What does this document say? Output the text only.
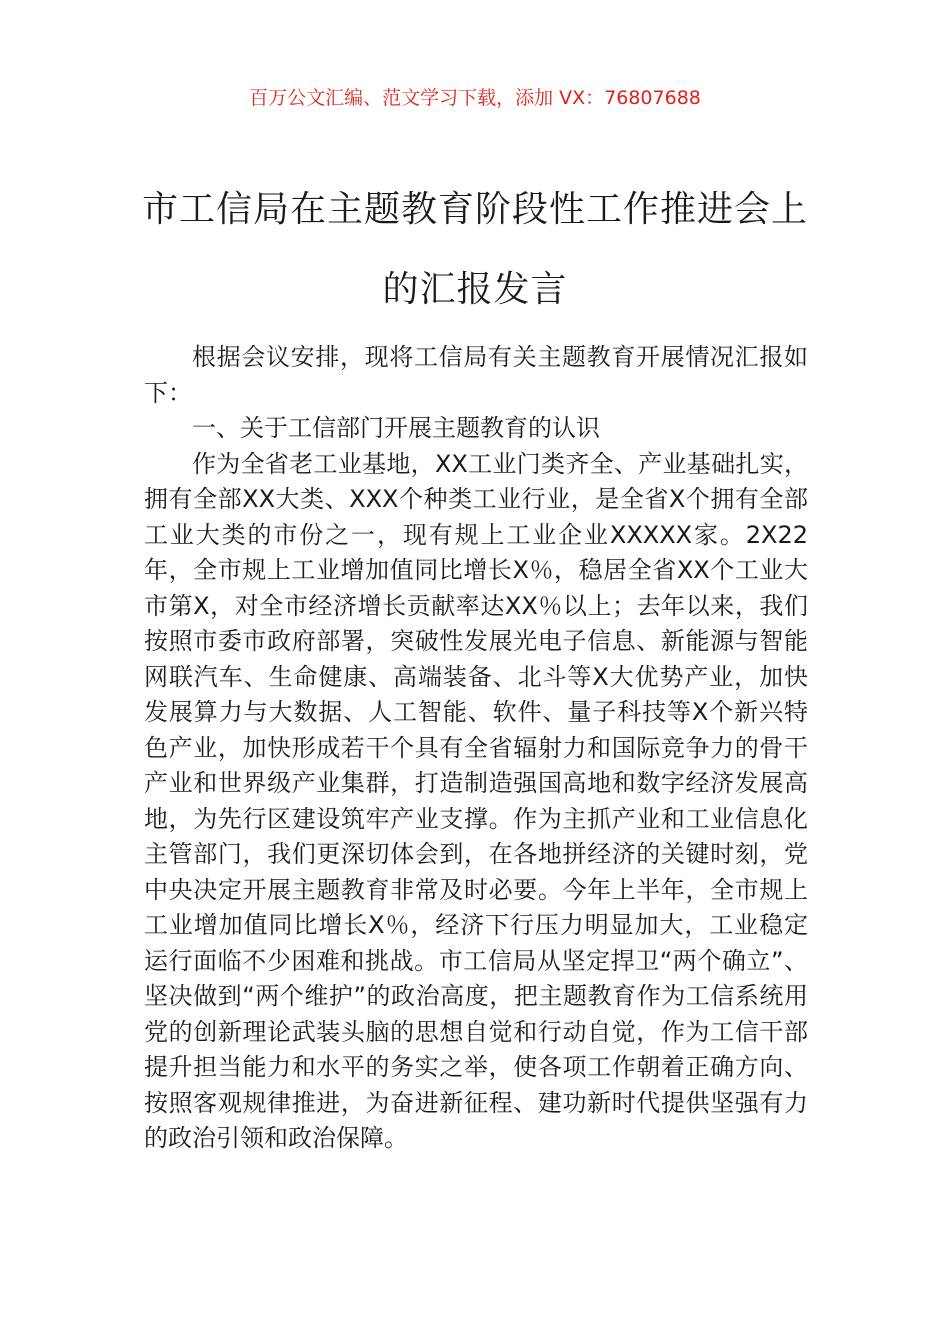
百万公文汇编、范文学习下载，添加 VX：76807688
市工信局在主题教育阶段性工作推进会上
的汇报发言

根据会议安排，现将工信局有关主题教育开展情况汇报如下：

一、关于工信部门开展主题教育的认识

作为全省老工业基地，XX工业门类齐全、产业基础扎实，拥有全部XX大类、XXX个种类工业行业，是全省X个拥有全部工业大类的市份之一，现有规上工业企业XXXXX家。2X22年，全市规上工业增加值同比增长X％，稳居全省XX个工业大市第X，对全市经济增长贡献率达XX％以上；去年以来，我们按照市委市政府部署，突破性发展光电子信息、新能源与智能网联汽车、生命健康、高端装备、北斗等X大优势产业，加快发展算力与大数据、人工智能、软件、量子科技等X个新兴特色产业，加快形成若干个具有全省辐射力和国际竞争力的骨干产业和世界级产业集群，打造制造强国高地和数字经济发展高地，为先行区建设筑牢产业支撑。作为主抓产业和工业信息化主管部门，我们更深切体会到，在各地拼经济的关键时刻，党中央决定开展主题教育非常及时必要。今年上半年，全市规上工业增加值同比增长X％，经济下行压力明显加大，工业稳定运行面临不少困难和挑战。市工信局从坚定捍卫“两个确立”、坚决做到“两个维护”的政治高度，把主题教育作为工信系统用党的创新理论武装头脑的思想自觉和行动自觉，作为工信干部提升担当能力和水平的务实之举，使各项工作朝着正确方向、按照客观规律推进，为奋进新征程、建功新时代提供坚强有力的政治引领和政治保障。
